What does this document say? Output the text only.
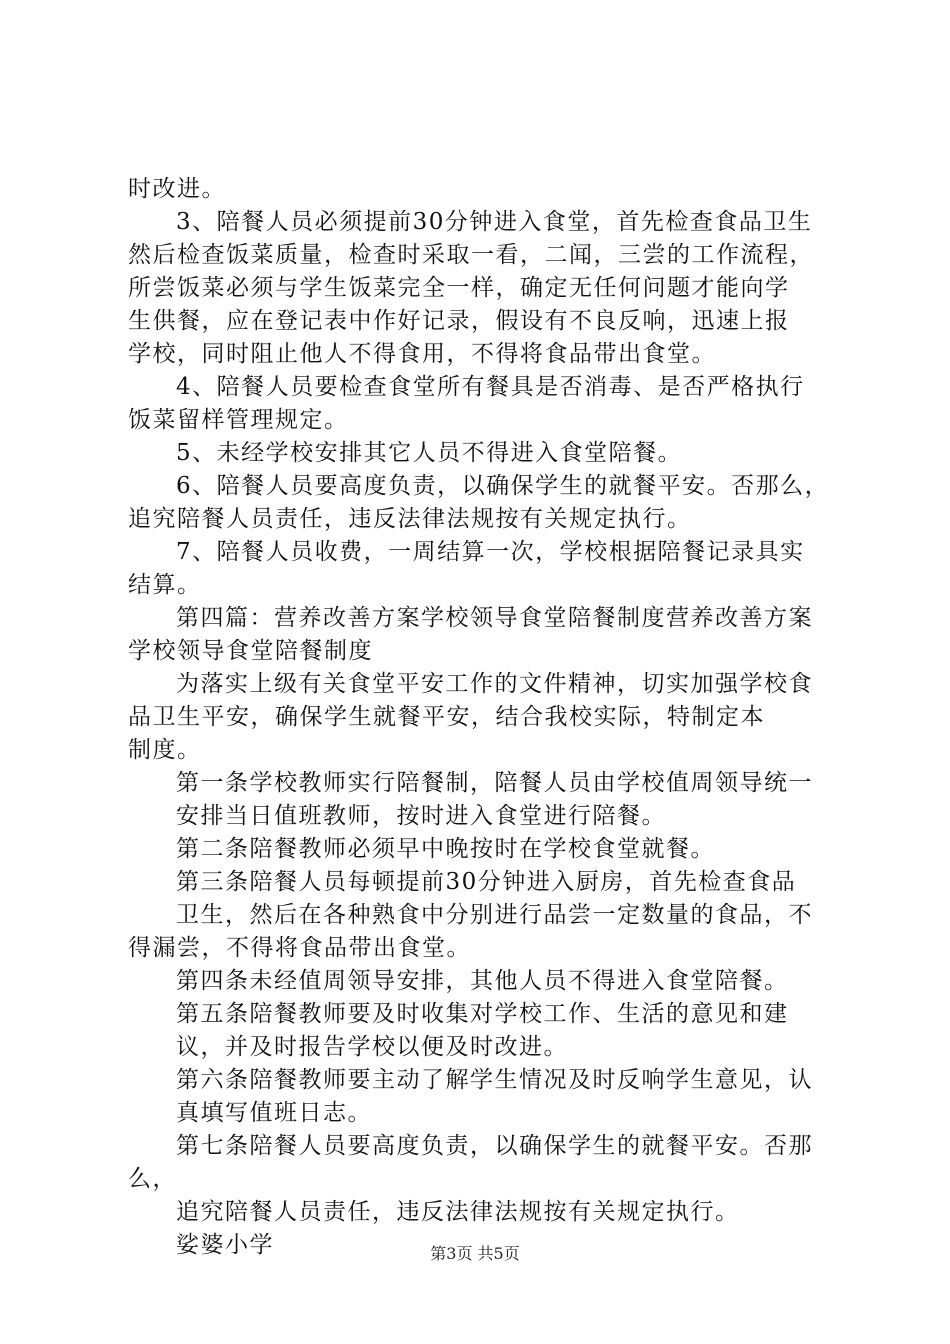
时改进。
3、陪餐人员必须提前30分钟进入食堂，首先检查食品卫生
然后检查饭菜质量，检查时采取一看，二闻，三尝的工作流程，
所尝饭菜必须与学生饭菜完全一样，确定无任何问题才能向学
生供餐，应在登记表中作好记录，假设有不良反响，迅速上报
学校，同时阻止他人不得食用，不得将食品带出食堂。
4、陪餐人员要检查食堂所有餐具是否消毒、是否严格执行
饭菜留样管理规定。
5、未经学校安排其它人员不得进入食堂陪餐。
6、陪餐人员要高度负责，以确保学生的就餐平安。否那么，
追究陪餐人员责任，违反法律法规按有关规定执行。
7、陪餐人员收费，一周结算一次，学校根据陪餐记录具实
结算。
第四篇：营养改善方案学校领导食堂陪餐制度营养改善方案
学校领导食堂陪餐制度
为落实上级有关食堂平安工作的文件精神，切实加强学校食
品卫生平安，确保学生就餐平安，结合我校实际，特制定本
制度。
第一条学校教师实行陪餐制，陪餐人员由学校值周领导统一
安排当日值班教师，按时进入食堂进行陪餐。
第二条陪餐教师必须早中晚按时在学校食堂就餐。
第三条陪餐人员每顿提前30分钟进入厨房，首先检查食品
卫生，然后在各种熟食中分别进行品尝一定数量的食品，不
得漏尝，不得将食品带出食堂。
第四条未经值周领导安排，其他人员不得进入食堂陪餐。
第五条陪餐教师要及时收集对学校工作、生活的意见和建
议，并及时报告学校以便及时改进。
第六条陪餐教师要主动了解学生情况及时反响学生意见，认
真填写值班日志。
第七条陪餐人员要高度负责，以确保学生的就餐平安。否那
么，
追究陪餐人员责任，违反法律法规按有关规定执行。
娑婆小学	第3页 共5页
